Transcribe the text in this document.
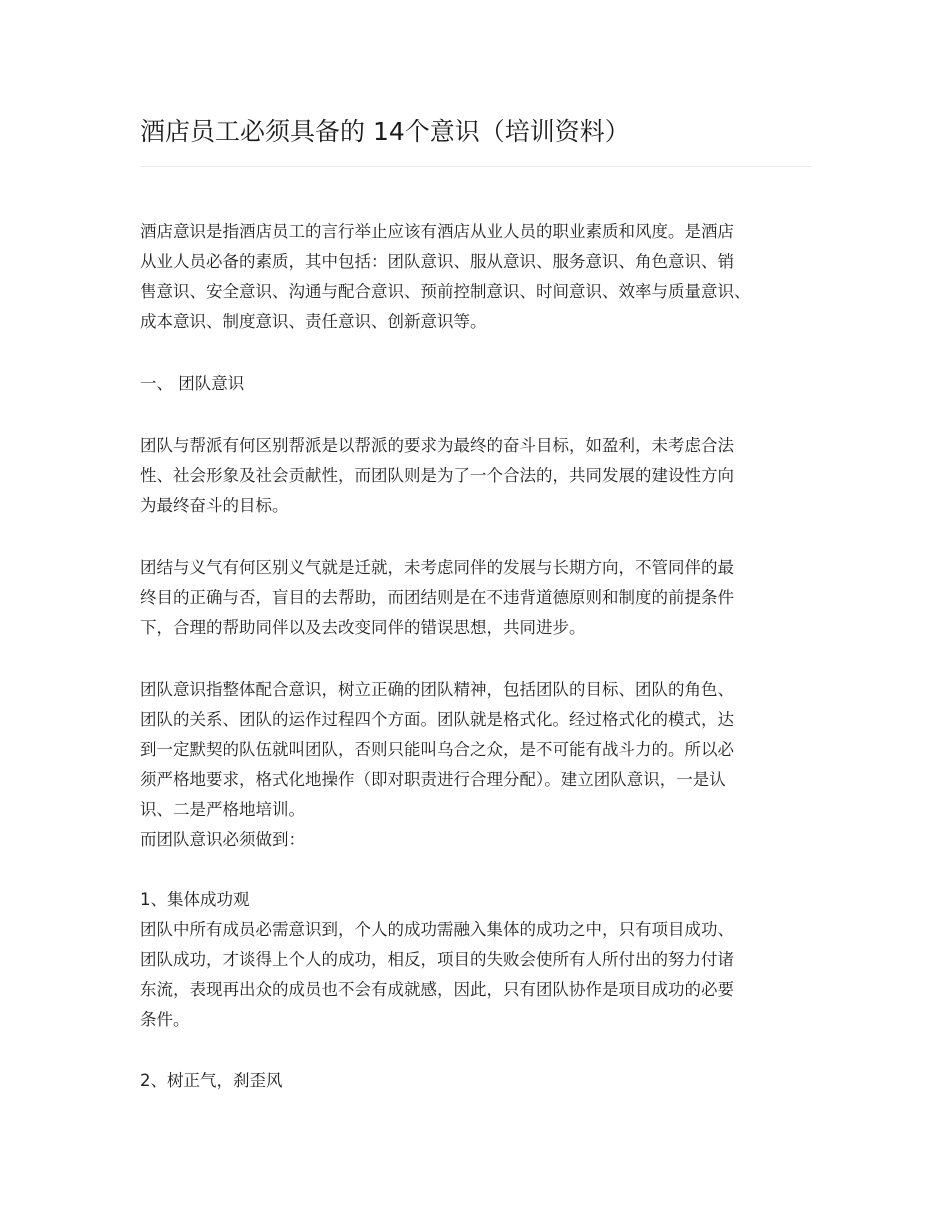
酒店员工必须具备的 14个意识（培训资料）
酒店意识是指酒店员工的言行举止应该有酒店从业人员的职业素质和风度。是酒店
从业人员必备的素质，其中包括：团队意识、服从意识、服务意识、角色意识、销
售意识、安全意识、沟通与配合意识、预前控制意识、时间意识、效率与质量意识、
成本意识、制度意识、责任意识、创新意识等。
一、 团队意识
团队与帮派有何区别帮派是以帮派的要求为最终的奋斗目标，如盈利，未考虑合法
性、社会形象及社会贡献性，而团队则是为了一个合法的，共同发展的建设性方向
为最终奋斗的目标。
团结与义气有何区别义气就是迁就，未考虑同伴的发展与长期方向，不管同伴的最
终目的正确与否，盲目的去帮助，而团结则是在不违背道德原则和制度的前提条件
下，合理的帮助同伴以及去改变同伴的错误思想，共同进步。
团队意识指整体配合意识，树立正确的团队精神，包括团队的目标、团队的角色、
团队的关系、团队的运作过程四个方面。团队就是格式化。经过格式化的模式，达
到一定默契的队伍就叫团队，否则只能叫乌合之众，是不可能有战斗力的。所以必
须严格地要求，格式化地操作（即对职责进行合理分配）。建立团队意识，一是认
识、二是严格地培训。
而团队意识必须做到：
1、集体成功观
团队中所有成员必需意识到，个人的成功需融入集体的成功之中，只有项目成功、
团队成功，才谈得上个人的成功，相反，项目的失败会使所有人所付出的努力付诸
东流，表现再出众的成员也不会有成就感，因此，只有团队协作是项目成功的必要
条件。
2、树正气，刹歪风
